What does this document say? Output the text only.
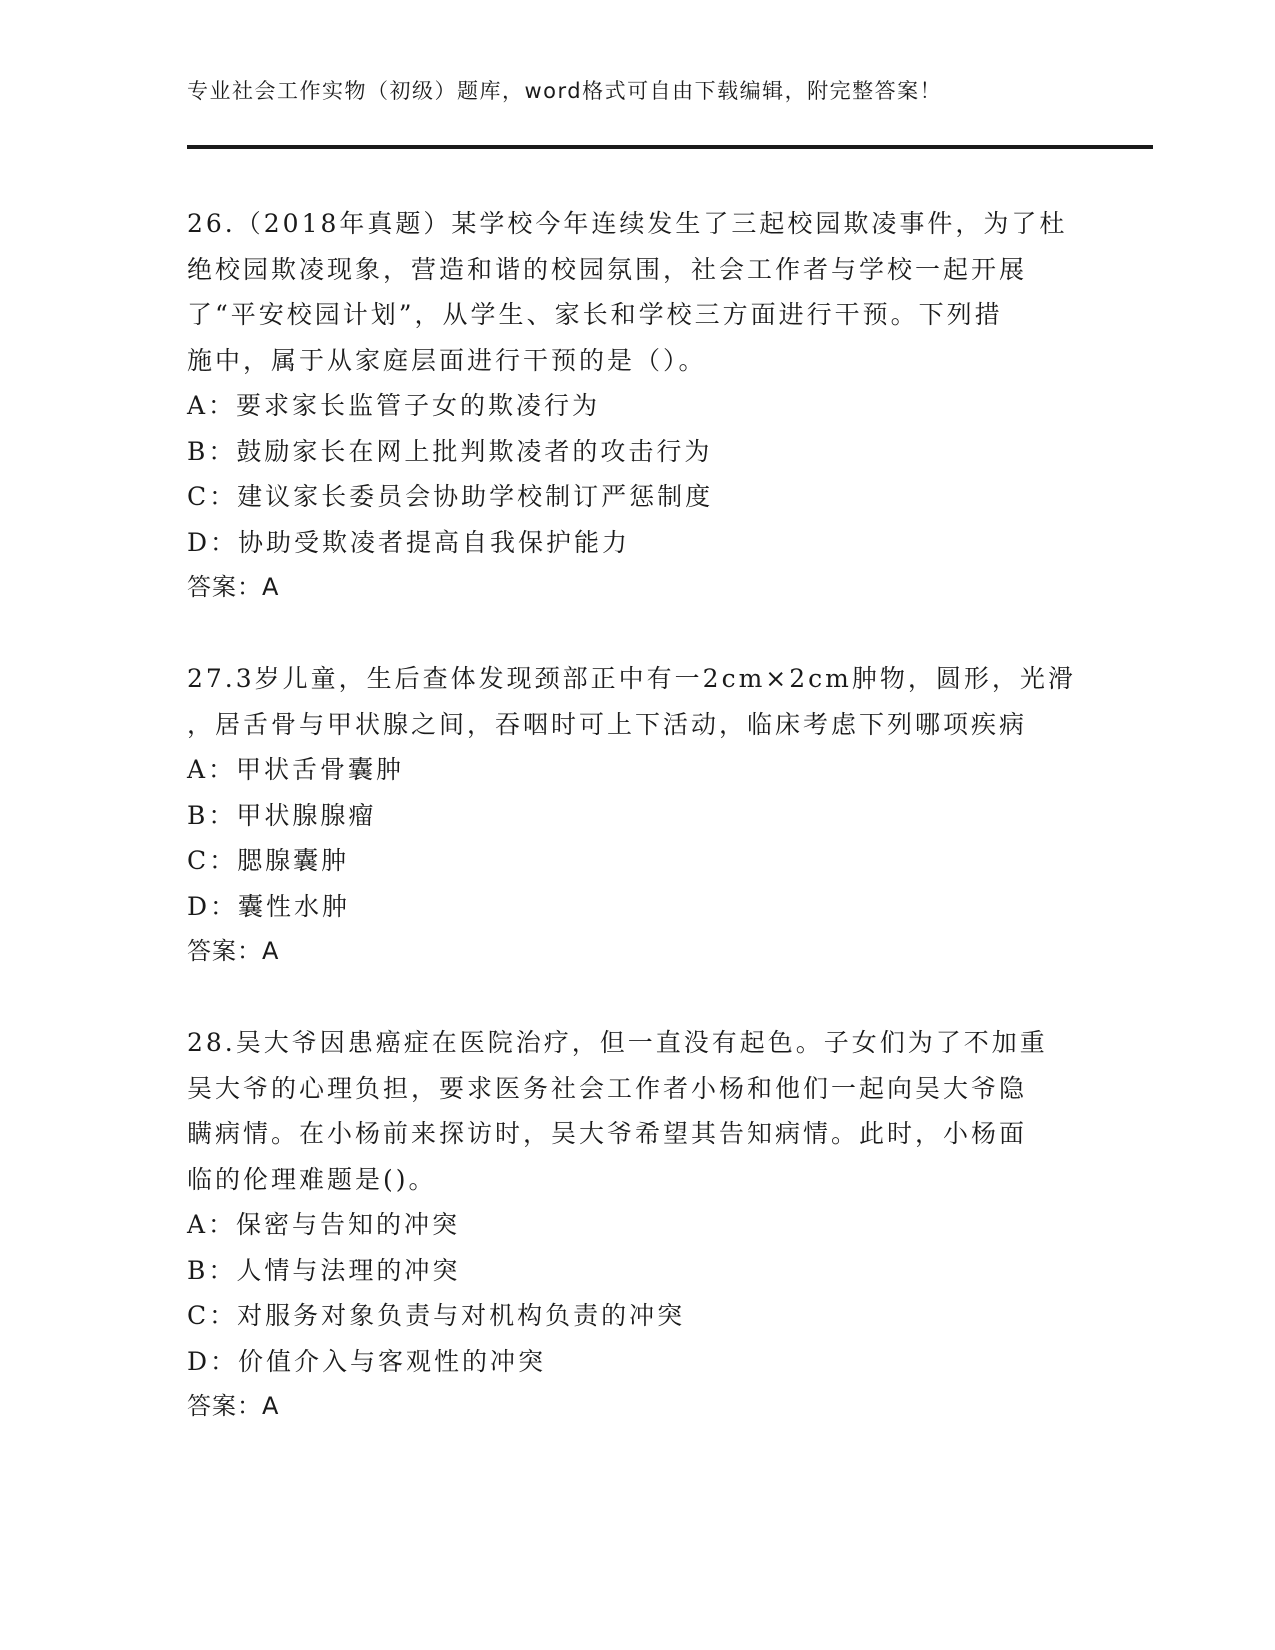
专业社会工作实物（初级）题库，word格式可自由下载编辑，附完整答案！
26.（2018年真题）某学校今年连续发生了三起校园欺凌事件，为了杜
绝校园欺凌现象，营造和谐的校园氛围，社会工作者与学校一起开展
了“平安校园计划”，从学生、家长和学校三方面进行干预。下列措
施中，属于从家庭层面进行干预的是（）。
A：要求家长监管子女的欺凌行为
B：鼓励家长在网上批判欺凌者的攻击行为
C：建议家长委员会协助学校制订严惩制度
D：协助受欺凌者提高自我保护能力
答案：A
27.3岁儿童，生后查体发现颈部正中有一2cm×2cm肿物，圆形，光滑
，居舌骨与甲状腺之间，吞咽时可上下活动，临床考虑下列哪项疾病
A：甲状舌骨囊肿
B：甲状腺腺瘤
C：腮腺囊肿
D：囊性水肿
答案：A
28.吴大爷因患癌症在医院治疗，但一直没有起色。子女们为了不加重
吴大爷的心理负担，要求医务社会工作者小杨和他们一起向吴大爷隐
瞒病情。在小杨前来探访时，吴大爷希望其告知病情。此时，小杨面
临的伦理难题是()。
A：保密与告知的冲突
B：人情与法理的冲突
C：对服务对象负责与对机构负责的冲突
D：价值介入与客观性的冲突
答案：A
